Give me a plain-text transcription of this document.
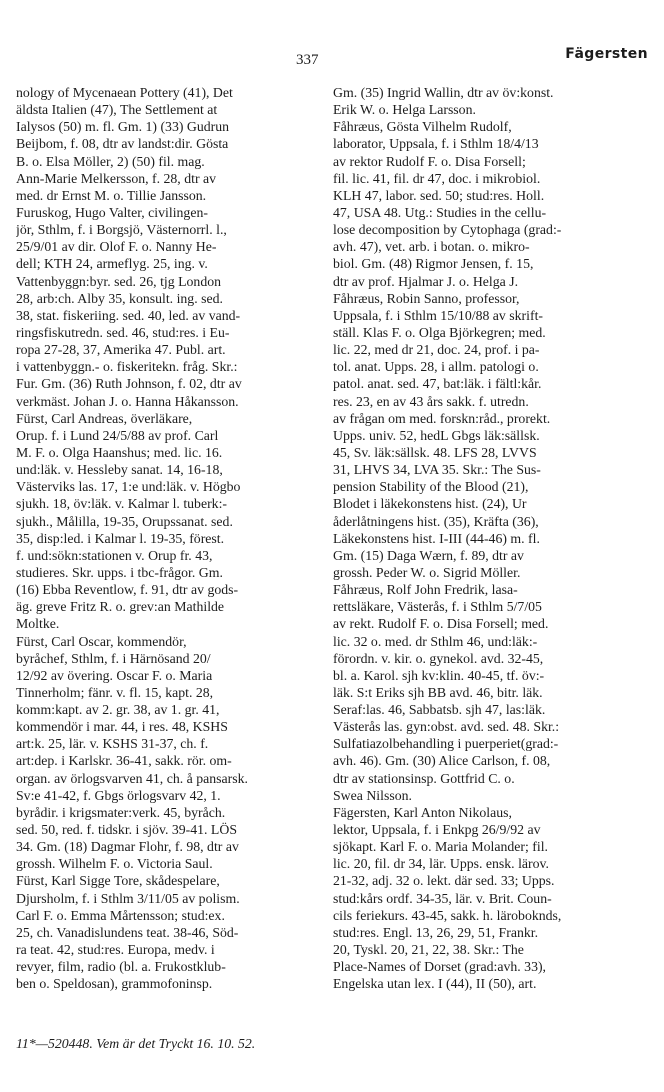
337	Fägersten
nology of Mycenaean Pottery (41), Det
äldsta Italien (47), The Settlement at
Ialysos (50) m. fl. Gm. 1) (33) Gudrun
Beijbom, f. 08, dtr av landst:dir. Gösta
B. o. Elsa Möller, 2) (50) fil. mag.
Ann-Marie Melkersson, f. 28, dtr av
med. dr Ernst M. o. Tillie Jansson.
Furuskog, Hugo Valter, civilingen-
jör, Sthlm, f. i Borgsjö, Västernorrl. l.,
25/9/01 av dir. Olof F. o. Nanny He-
dell; KTH 24, armeflyg. 25, ing. v.
Vattenbyggn:byr. sed. 26, tjg London
28, arb:ch. Alby 35, konsult. ing. sed.
38, stat. fiskeriing. sed. 40, led. av vand-
ringsfiskutredn. sed. 46, stud:res. i Eu-
ropa 27-28, 37, Amerika 47. Publ. art.
i vattenbyggn.- o. fiskeritekn. fråg. Skr.:
Fur. Gm. (36) Ruth Johnson, f. 02, dtr av
verkmäst. Johan J. o. Hanna Håkansson.
Fürst, Carl Andreas, överläkare,
Orup. f. i Lund 24/5/88 av prof. Carl
M. F. o. Olga Haanshus; med. lic. 16.
und:läk. v. Hessleby sanat. 14, 16-18,
Västerviks las. 17, 1:e und:läk. v. Högbo
sjukh. 18, öv:läk. v. Kalmar l. tuberk:-
sjukh., Målilla, 19-35, Orupssanat. sed.
35, disp:led. i Kalmar l. 19-35, förest.
f. und:sökn:stationen v. Orup fr. 43,
studieres. Skr. upps. i tbc-frågor. Gm.
(16) Ebba Reventlow, f. 91, dtr av gods-
äg. greve Fritz R. o. grev:an Mathilde
Moltke.
Fürst, Carl Oscar, kommendör,
byråchef, Sthlm, f. i Härnösand 20/
12/92 av övering. Oscar F. o. Maria
Tinnerholm; fänr. v. fl. 15, kapt. 28,
komm:kapt. av 2. gr. 38, av 1. gr. 41,
kommendör i mar. 44, i res. 48, KSHS
art:k. 25, lär. v. KSHS 31-37, ch. f.
art:dep. i Karlskr. 36-41, sakk. rör. om-
organ. av örlogsvarven 41, ch. å pansarsk.
Sv:e 41-42, f. Gbgs örlogsvarv 42, 1.
byrådir. i krigsmater:verk. 45, byråch.
sed. 50, red. f. tidskr. i sjöv. 39-41. LÖS
34. Gm. (18) Dagmar Flohr, f. 98, dtr av
grossh. Wilhelm F. o. Victoria Saul.
Fürst, Karl Sigge Tore, skådespelare,
Djursholm, f. i Sthlm 3/11/05 av polism.
Carl F. o. Emma Mårtensson; stud:ex.
25, ch. Vanadislundens teat. 38-46, Söd-
ra teat. 42, stud:res. Europa, medv. i
revyer, film, radio (bl. a. Frukostklub-
ben o. Speldosan), grammofoninsp.
Gm. (35) Ingrid Wallin, dtr av öv:konst.
Erik W. o. Helga Larsson.
Fåhræus, Gösta Vilhelm Rudolf,
laborator, Uppsala, f. i Sthlm 18/4/13
av rektor Rudolf F. o. Disa Forsell;
fil. lic. 41, fil. dr 47, doc. i mikrobiol.
KLH 47, labor. sed. 50; stud:res. Holl.
47, USA 48. Utg.: Studies in the cellu-
lose decomposition by Cytophaga (grad:-
avh. 47), vet. arb. i botan. o. mikro-
biol. Gm. (48) Rigmor Jensen, f. 15,
dtr av prof. Hjalmar J. o. Helga J.
Fåhræus, Robin Sanno, professor,
Uppsala, f. i Sthlm 15/10/88 av skrift-
ställ. Klas F. o. Olga Björkegren; med.
lic. 22, med dr 21, doc. 24, prof. i pa-
tol. anat. Upps. 28, i allm. patologi o.
patol. anat. sed. 47, bat:läk. i fältl:kår.
res. 23, en av 43 års sakk. f. utredn.
av frågan om med. forskn:råd., prorekt.
Upps. univ. 52, hedL Gbgs läk:sällsk.
45, Sv. läk:sällsk. 48. LFS 28, LVVS
31, LHVS 34, LVA 35. Skr.: The Sus-
pension Stability of the Blood (21),
Blodet i läkekonstens hist. (24), Ur
åderlåtningens hist. (35), Kräfta (36),
Läkekonstens hist. I-III (44-46) m. fl.
Gm. (15) Daga Wærn, f. 89, dtr av
grossh. Peder W. o. Sigrid Möller.
Fåhræus, Rolf John Fredrik, lasa-
rettsläkare, Västerås, f. i Sthlm 5/7/05
av rekt. Rudolf F. o. Disa Forsell; med.
lic. 32 o. med. dr Sthlm 46, und:läk:-
förordn. v. kir. o. gynekol. avd. 32-45,
bl. a. Karol. sjh kv:klin. 40-45, tf. öv:-
läk. S:t Eriks sjh BB avd. 46, bitr. läk.
Seraf:las. 46, Sabbatsb. sjh 47, las:läk.
Västerås las. gyn:obst. avd. sed. 48. Skr.:
Sulfatiazolbehandling i puerperiet(grad:-
avh. 46). Gm. (30) Alice Carlson, f. 08,
dtr av stationsinsp. Gottfrid C. o.
Swea Nilsson.
Fägersten, Karl Anton Nikolaus,
lektor, Uppsala, f. i Enkpg 26/9/92 av
sjökapt. Karl F. o. Maria Molander; fil.
lic. 20, fil. dr 34, lär. Upps. ensk. lärov.
21-32, adj. 32 o. lekt. där sed. 33; Upps.
stud:kårs ordf. 34-35, lär. v. Brit. Coun-
cils feriekurs. 43-45, sakk. h. läroboknds,
stud:res. Engl. 13, 26, 29, 51, Frankr.
20, Tyskl. 20, 21, 22, 38. Skr.: The
Place-Names of Dorset (grad:avh. 33),
Engelska utan lex. I (44), II (50), art.
11*—520448. Vem är det Tryckt 16. 10. 52.
